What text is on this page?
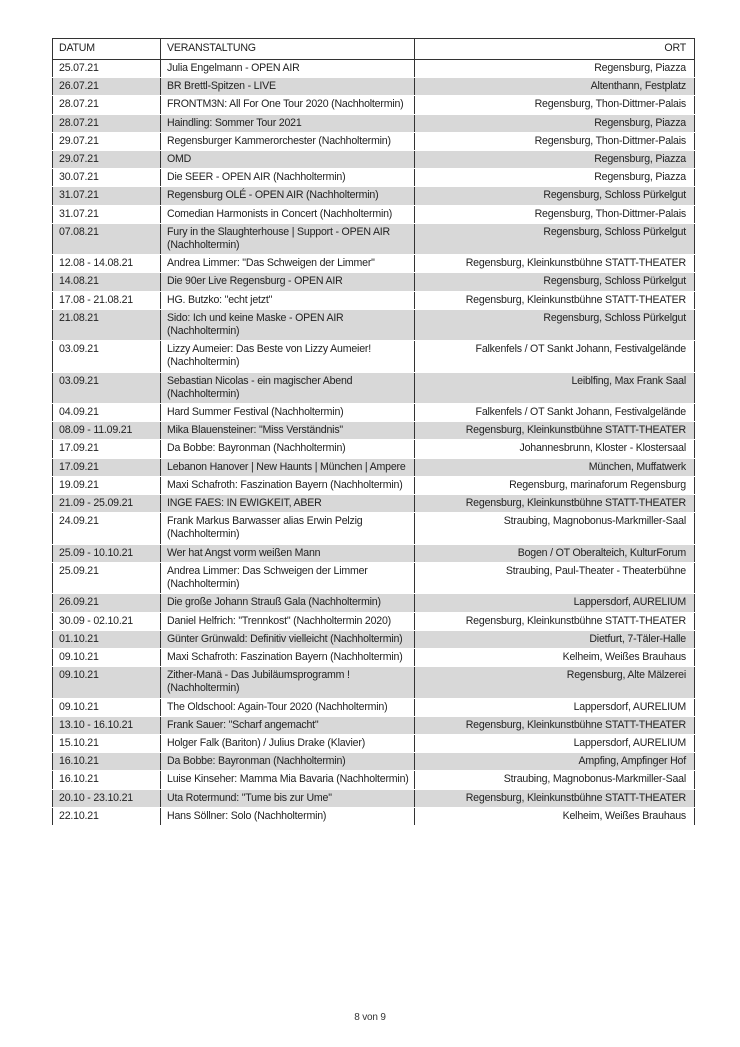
DATUM	VERANSTALTUNG	ORT
25.07.21	Julia Engelmann - OPEN AIR	Regensburg, Piazza
26.07.21	BR Brettl-Spitzen - LIVE	Altenthann, Festplatz
28.07.21	FRONTM3N: All For One Tour 2020 (Nachholtermin)	Regensburg, Thon-Dittmer-Palais
28.07.21	Haindling: Sommer Tour 2021	Regensburg, Piazza
29.07.21	Regensburger Kammerorchester (Nachholtermin)	Regensburg, Thon-Dittmer-Palais
29.07.21	OMD	Regensburg, Piazza
30.07.21	Die SEER - OPEN AIR (Nachholtermin)	Regensburg, Piazza
31.07.21	Regensburg OLÉ - OPEN AIR (Nachholtermin)	Regensburg, Schloss Pürkelgut
31.07.21	Comedian Harmonists in Concert (Nachholtermin)	Regensburg, Thon-Dittmer-Palais
07.08.21	Fury in the Slaughterhouse | Support - OPEN AIR (Nachholtermin)	Regensburg, Schloss Pürkelgut
12.08 - 14.08.21	Andrea Limmer: "Das Schweigen der Limmer"	Regensburg, Kleinkunstbühne STATT-THEATER
14.08.21	Die 90er Live Regensburg - OPEN AIR	Regensburg, Schloss Pürkelgut
17.08 - 21.08.21	HG. Butzko: "echt jetzt"	Regensburg, Kleinkunstbühne STATT-THEATER
21.08.21	Sido: Ich und keine Maske - OPEN AIR (Nachholtermin)	Regensburg, Schloss Pürkelgut
03.09.21	Lizzy Aumeier: Das Beste von Lizzy Aumeier! (Nachholtermin)	Falkenfels / OT Sankt Johann, Festivalgelände
03.09.21	Sebastian Nicolas - ein magischer Abend (Nachholtermin)	Leiblfing, Max Frank Saal
04.09.21	Hard Summer Festival (Nachholtermin)	Falkenfels / OT Sankt Johann, Festivalgelände
08.09 - 11.09.21	Mika Blauensteiner: "Miss Verständnis"	Regensburg, Kleinkunstbühne STATT-THEATER
17.09.21	Da Bobbe: Bayronman (Nachholtermin)	Johannesbrunn, Kloster - Klostersaal
17.09.21	Lebanon Hanover | New Haunts | München | Ampere	München, Muffatwerk
19.09.21	Maxi Schafroth: Faszination Bayern (Nachholtermin)	Regensburg, marinaforum Regensburg
21.09 - 25.09.21	INGE FAES: IN EWIGKEIT, ABER	Regensburg, Kleinkunstbühne STATT-THEATER
24.09.21	Frank Markus Barwasser alias Erwin Pelzig (Nachholtermin)	Straubing, Magnobonus-Markmiller-Saal
25.09 - 10.10.21	Wer hat Angst vorm weißen Mann	Bogen / OT Oberalteich, KulturForum
25.09.21	Andrea Limmer: Das Schweigen der Limmer (Nachholtermin)	Straubing, Paul-Theater - Theaterbühne
26.09.21	Die große Johann Strauß Gala (Nachholtermin)	Lappersdorf, AURELIUM
30.09 - 02.10.21	Daniel Helfrich: "Trennkost" (Nachholtermin 2020)	Regensburg, Kleinkunstbühne STATT-THEATER
01.10.21	Günter Grünwald: Definitiv vielleicht (Nachholtermin)	Dietfurt, 7-Täler-Halle
09.10.21	Maxi Schafroth: Faszination Bayern (Nachholtermin)	Kelheim, Weißes Brauhaus
09.10.21	Zither-Manä - Das Jubiläumsprogramm ! (Nachholtermin)	Regensburg, Alte Mälzerei
09.10.21	The Oldschool: Again-Tour 2020 (Nachholtermin)	Lappersdorf, AURELIUM
13.10 - 16.10.21	Frank Sauer: "Scharf angemacht"	Regensburg, Kleinkunstbühne STATT-THEATER
15.10.21	Holger Falk (Bariton) / Julius Drake (Klavier)	Lappersdorf, AURELIUM
16.10.21	Da Bobbe: Bayronman (Nachholtermin)	Ampfing, Ampfinger Hof
16.10.21	Luise Kinseher: Mamma Mia Bavaria (Nachholtermin)	Straubing, Magnobonus-Markmiller-Saal
20.10 - 23.10.21	Uta Rotermund: "Tume bis zur Ume"	Regensburg, Kleinkunstbühne STATT-THEATER
22.10.21	Hans Söllner: Solo (Nachholtermin)	Kelheim, Weißes Brauhaus
8 von 9
